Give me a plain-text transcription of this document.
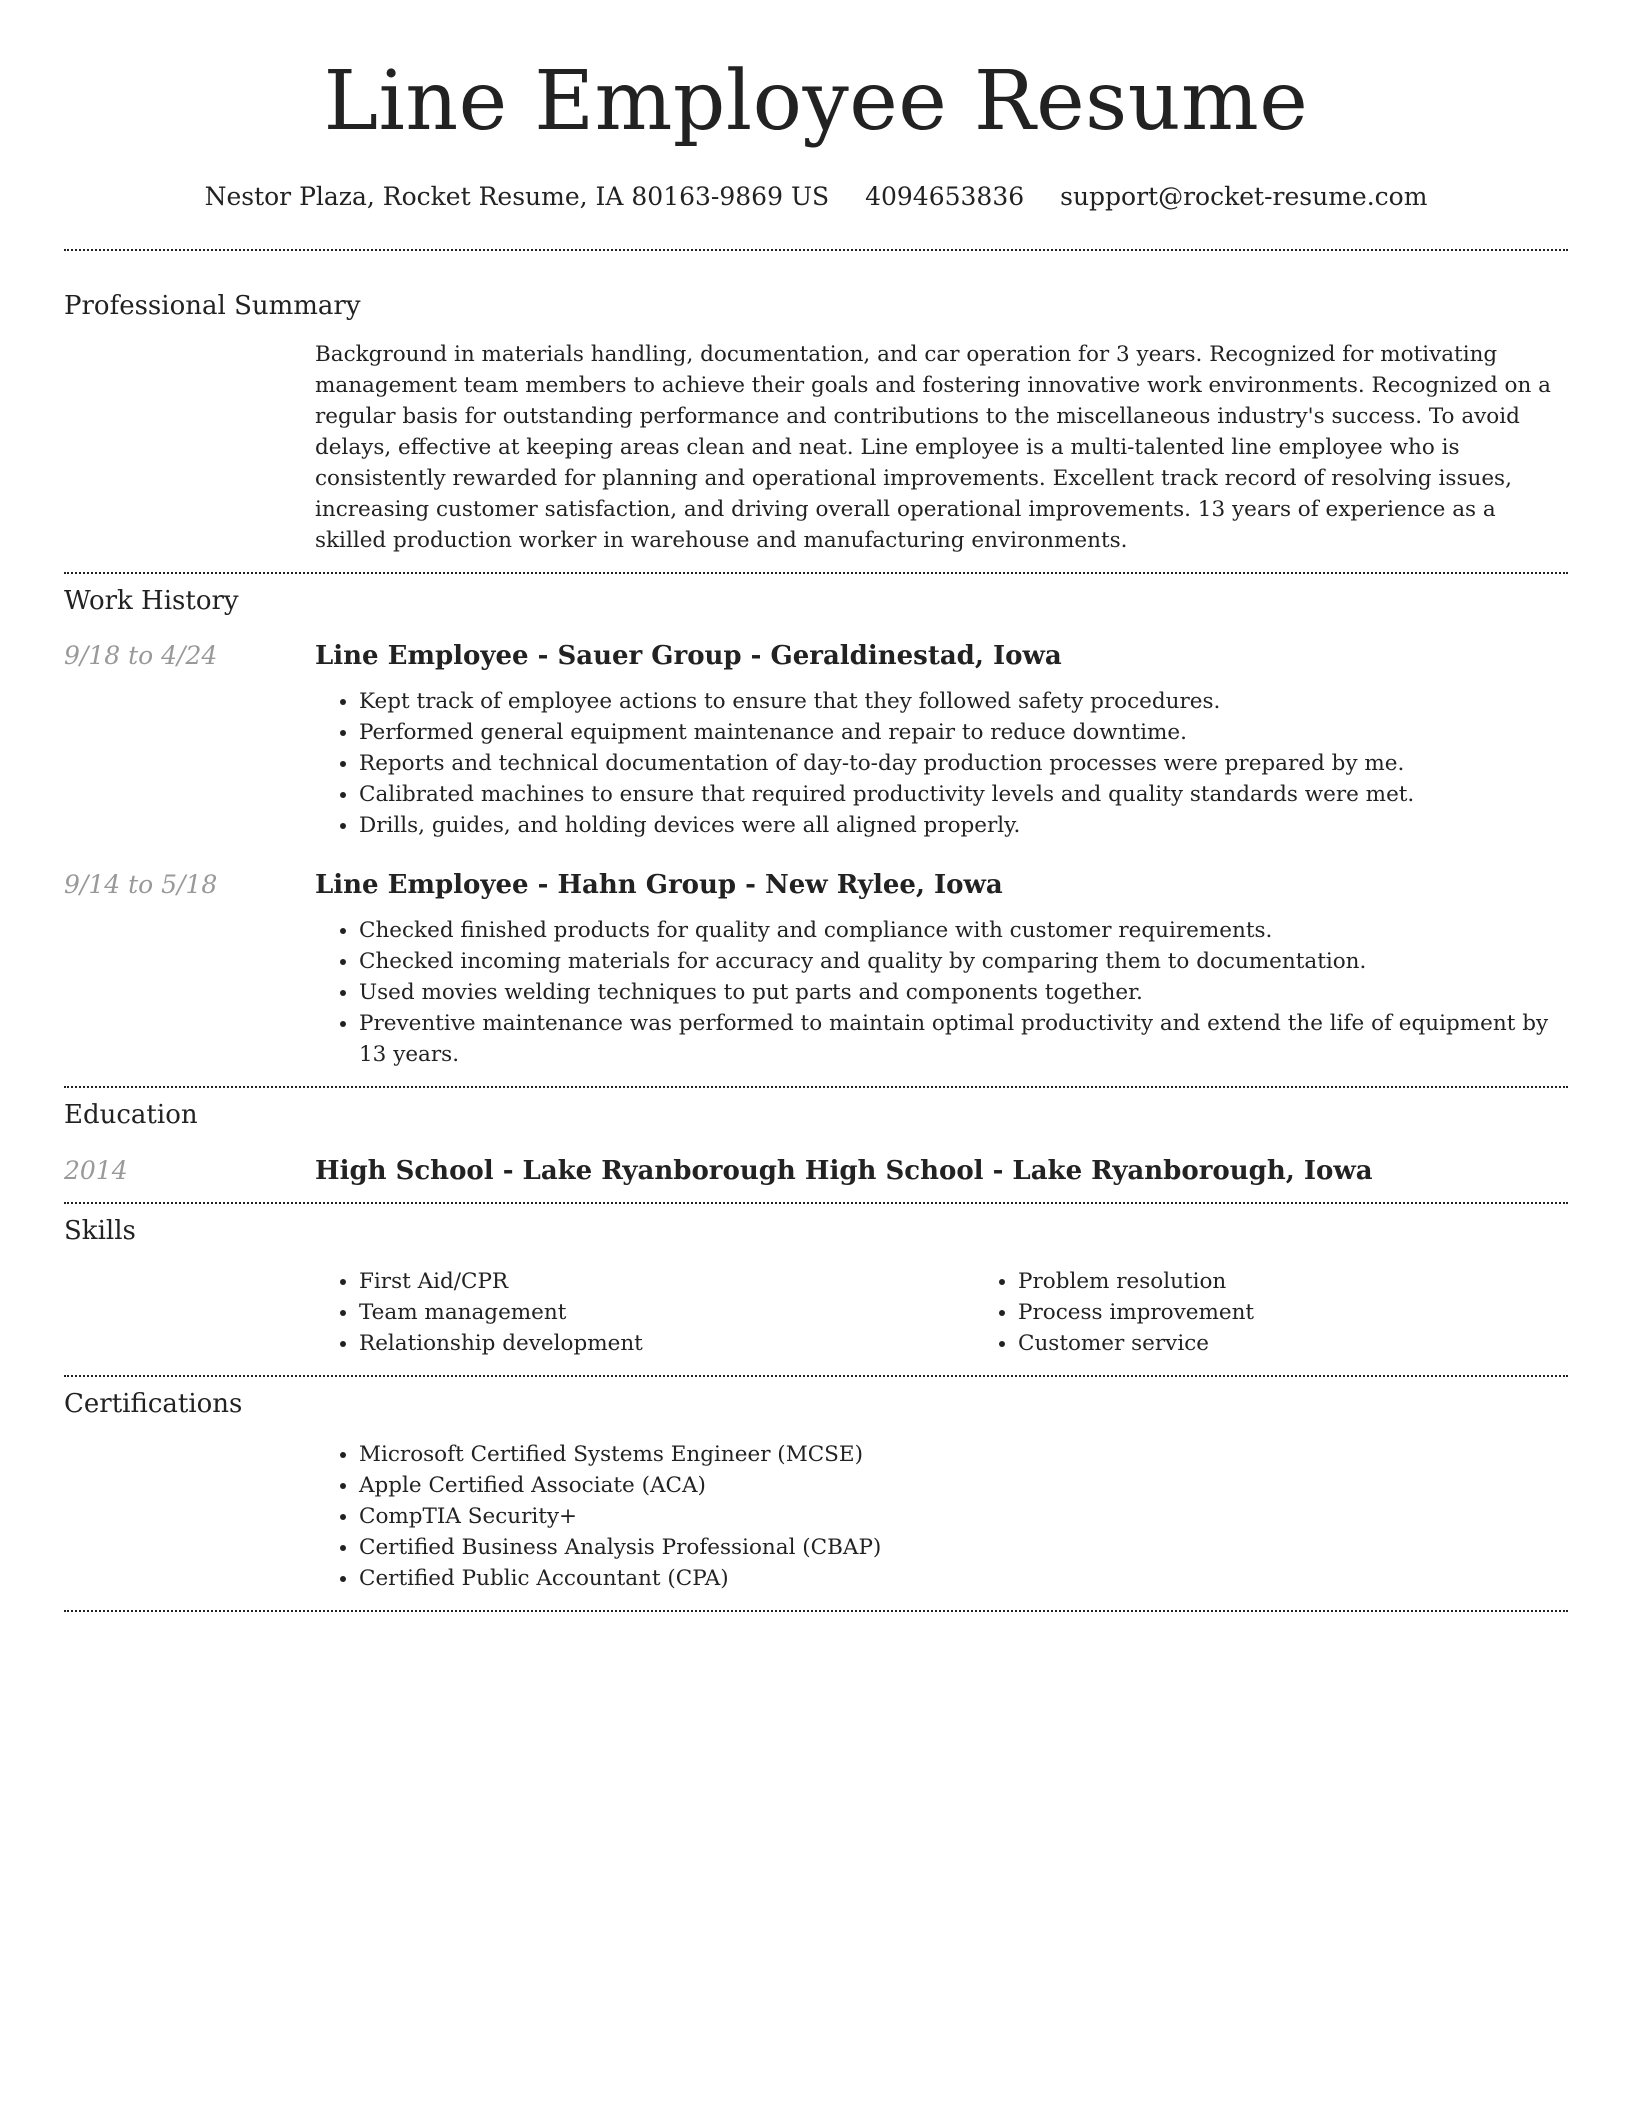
Line Employee Resume
Nestor Plaza, Rocket Resume, IA 80163-9869 US 4094653836 support@rocket-resume.com
Professional Summary

Background in materials handling, documentation, and car operation for 3 years. Recognized for motivating management team members to achieve their goals and fostering innovative work environments. Recognized on a regular basis for outstanding performance and contributions to the miscellaneous industry's success. To avoid delays, effective at keeping areas clean and neat. Line employee is a multi-talented line employee who is consistently rewarded for planning and operational improvements. Excellent track record of resolving issues, increasing customer satisfaction, and driving overall operational improvements. 13 years of experience as a skilled production worker in warehouse and manufacturing environments.

Work History
9/18 to 4/24	Line Employee - Sauer Group - Geraldinestad, Iowa
• Kept track of employee actions to ensure that they followed safety procedures.
• Performed general equipment maintenance and repair to reduce downtime.
• Reports and technical documentation of day-to-day production processes were prepared by me.
• Calibrated machines to ensure that required productivity levels and quality standards were met.
• Drills, guides, and holding devices were all aligned properly.
9/14 to 5/18	Line Employee - Hahn Group - New Rylee, Iowa
• Checked finished products for quality and compliance with customer requirements.
• Checked incoming materials for accuracy and quality by comparing them to documentation.
• Used movies welding techniques to put parts and components together.
• Preventive maintenance was performed to maintain optimal productivity and extend the life of equipment by 13 years.
Education
2014	High School - Lake Ryanborough High School - Lake Ryanborough, Iowa
Skills
• First Aid/CPR
• Team management
• Relationship development
• Problem resolution
• Process improvement
• Customer service
Certifications
• Microsoft Certified Systems Engineer (MCSE)
• Apple Certified Associate (ACA)
• CompTIA Security+
• Certified Business Analysis Professional (CBAP)
• Certified Public Accountant (CPA)
